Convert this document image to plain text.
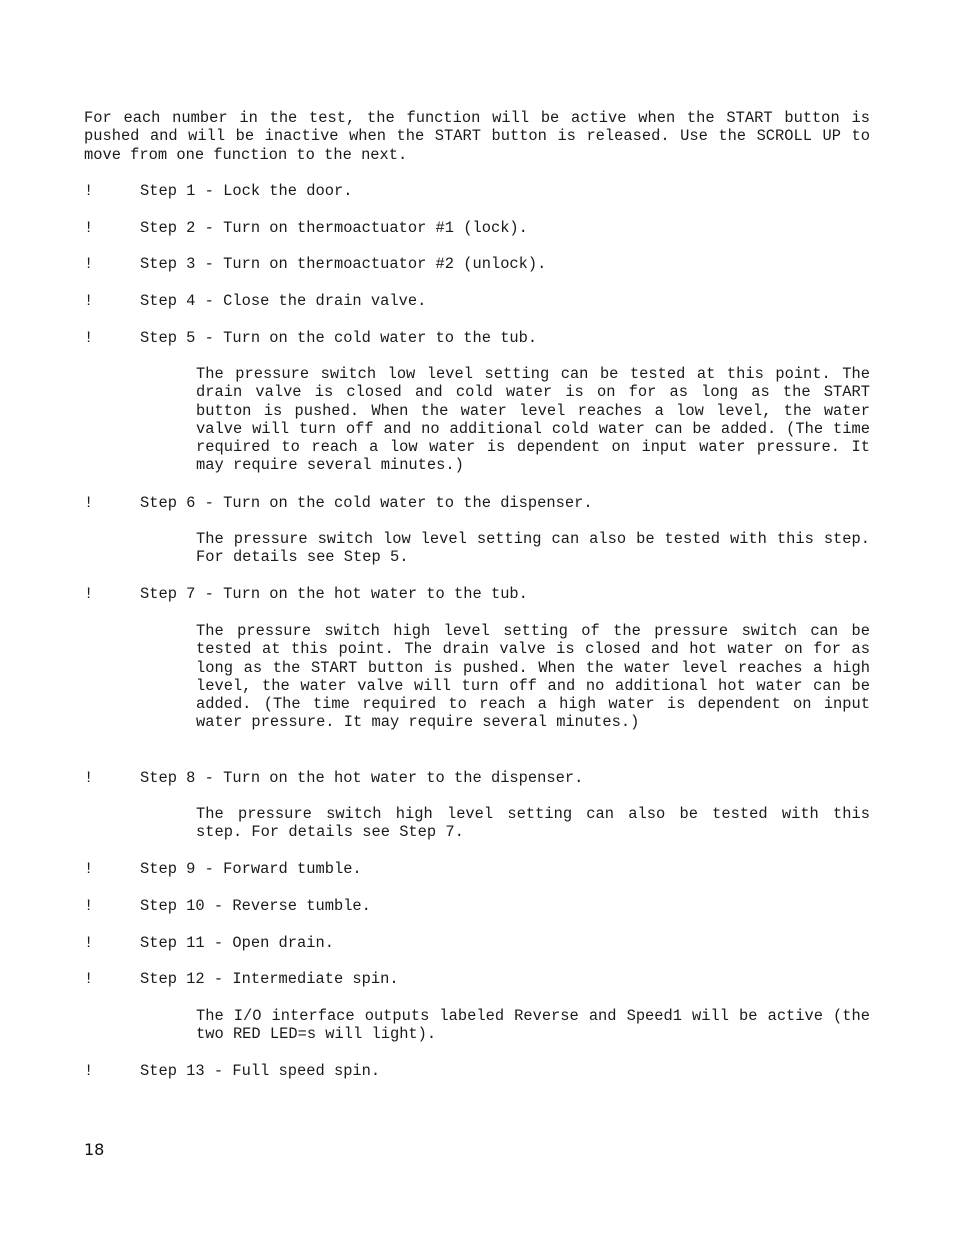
For each number in the test, the function will be active when the START button is pushed and will be inactive when the START button is released. Use the SCROLL UP to move from one function to the next.

!

	Step 1 - Lock the door.

!

	Step 2 - Turn on thermoactuator #1 (lock).

!

	Step 3 - Turn on thermoactuator #2 (unlock).

!

	Step 4 - Close the drain valve.

!

	Step 5 - Turn on the cold water to the tub.

The pressure switch low level setting can be tested at this point. The drain valve is closed and cold water is on for as long as the START button is pushed. When the water level reaches a low level, the water valve will turn off and no additional cold water can be added. (The time required to reach a low water is dependent on input water pressure. It may require several minutes.)

!

	Step 6 - Turn on the cold water to the dispenser.

The pressure switch low level setting can also be tested with this step. For details see Step 5.

!

	Step 7 - Turn on the hot water to the tub.

The pressure switch high level setting of the pressure switch can be tested at this point. The drain valve is closed and hot water on for as long as the START button is pushed. When the water level reaches a high level, the water valve will turn off and no additional hot water can be added. (The time required to reach a high water is dependent on input water pressure. It may require several minutes.)

!

	Step 8 - Turn on the hot water to the dispenser.

The pressure switch high level setting can also be tested with this step. For details see Step 7.

!

	Step 9 - Forward tumble.

!

	Step 10 - Reverse tumble.

!

	Step 11 - Open drain.

!

	Step 12 - Intermediate spin.

The I/O interface outputs labeled Reverse and Speed1 will be active (the two RED LED=s will light).

!

	Step 13 - Full speed spin.

18
